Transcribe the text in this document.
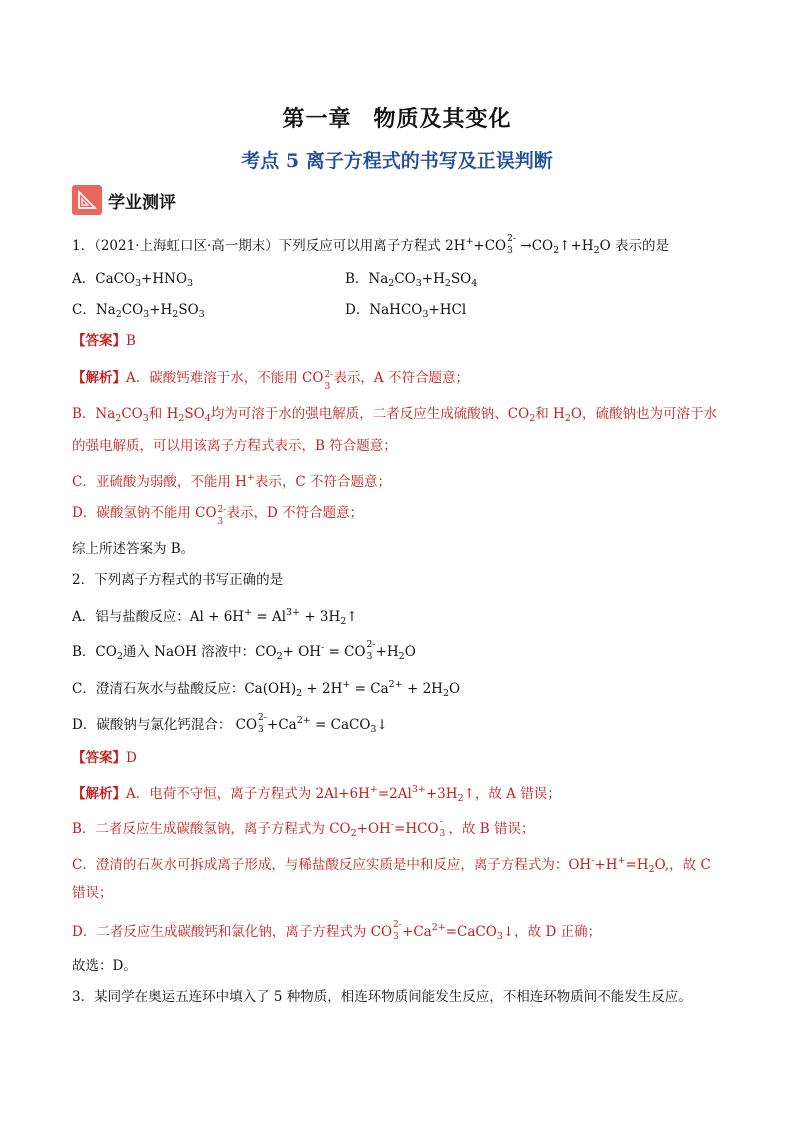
第一章 物质及其变化
考点 5 离子方程式的书写及正误判断
学业测评
1．（2021·上海虹口区·高一期末）下列反应可以用离子方程式 2H++CO 2-
$3 \to CO_2↑+H_2O$ 表示的是
A．$CaCO_3+HNO_3$	B．$Na_2CO_3+H_2SO_4$
C．$Na_2CO_3+H_2SO_3$	D．NaHCO$_3$+HCl
【答案】B
【解析】A．碳酸钙难溶于水，不能用 CO 2-
3
表示，A 不符合题意；
B．$Na_2CO_3$和 $H_2SO_4$均为可溶于水的强电解质，二者反应生成硫酸钠、$CO_2$和 $H_2O$，硫酸钠也为可溶于水
的强电解质，可以用该离子方程式表示，B 符合题意；
C．亚硫酸为弱酸，不能用 H+表示，C 不符合题意；
D．碳酸氢钠不能用 CO 2-
3
表示，D 不符合题意；
综上所述答案为 B。
2．下列离子方程式的书写正确的是
A．铝与盐酸反应：$Al + 6H^+ = Al^{3+}$ + $3H_2↑$
B．$CO_2$通入 NaOH 溶液中：$CO_2+ OH^-$ = CO 2-
$3 +H_2O$
C．澄清石灰水与盐酸反应：$Ca(OH)_2 + 2H^+ = Ca^{2+} + 2H_2O$
D．碳酸钠与氯化钙混合： CO 2-
$3 +Ca^{2+}$ = CaCO$_3$↓
【答案】D
【解析】A．电荷不守恒，离子方程式为 $2Al+6H^+=2Al^{3+}+3H_2↑$，故 A 错误；
B．二者反应生成碳酸氢钠，离子方程式为 $CO_2+OH^-=HCO$ -
3 ，故 B 错误；
C．澄清的石灰水可拆成离子形成，与稀盐酸反应实质是中和反应，离子方程式为：$OH^-+H^+=H_2O$,，故 C
错误；
D．二者反应生成碳酸钙和氯化钠，离子方程式为 CO 2-
$3 +Ca^{2+}=CaCO_3↓$，故 D 正确；
故选：D。
3．某同学在奥运五连环中填入了 5 种物质，相连环物质间能发生反应，不相连环物质间不能发生反应。
